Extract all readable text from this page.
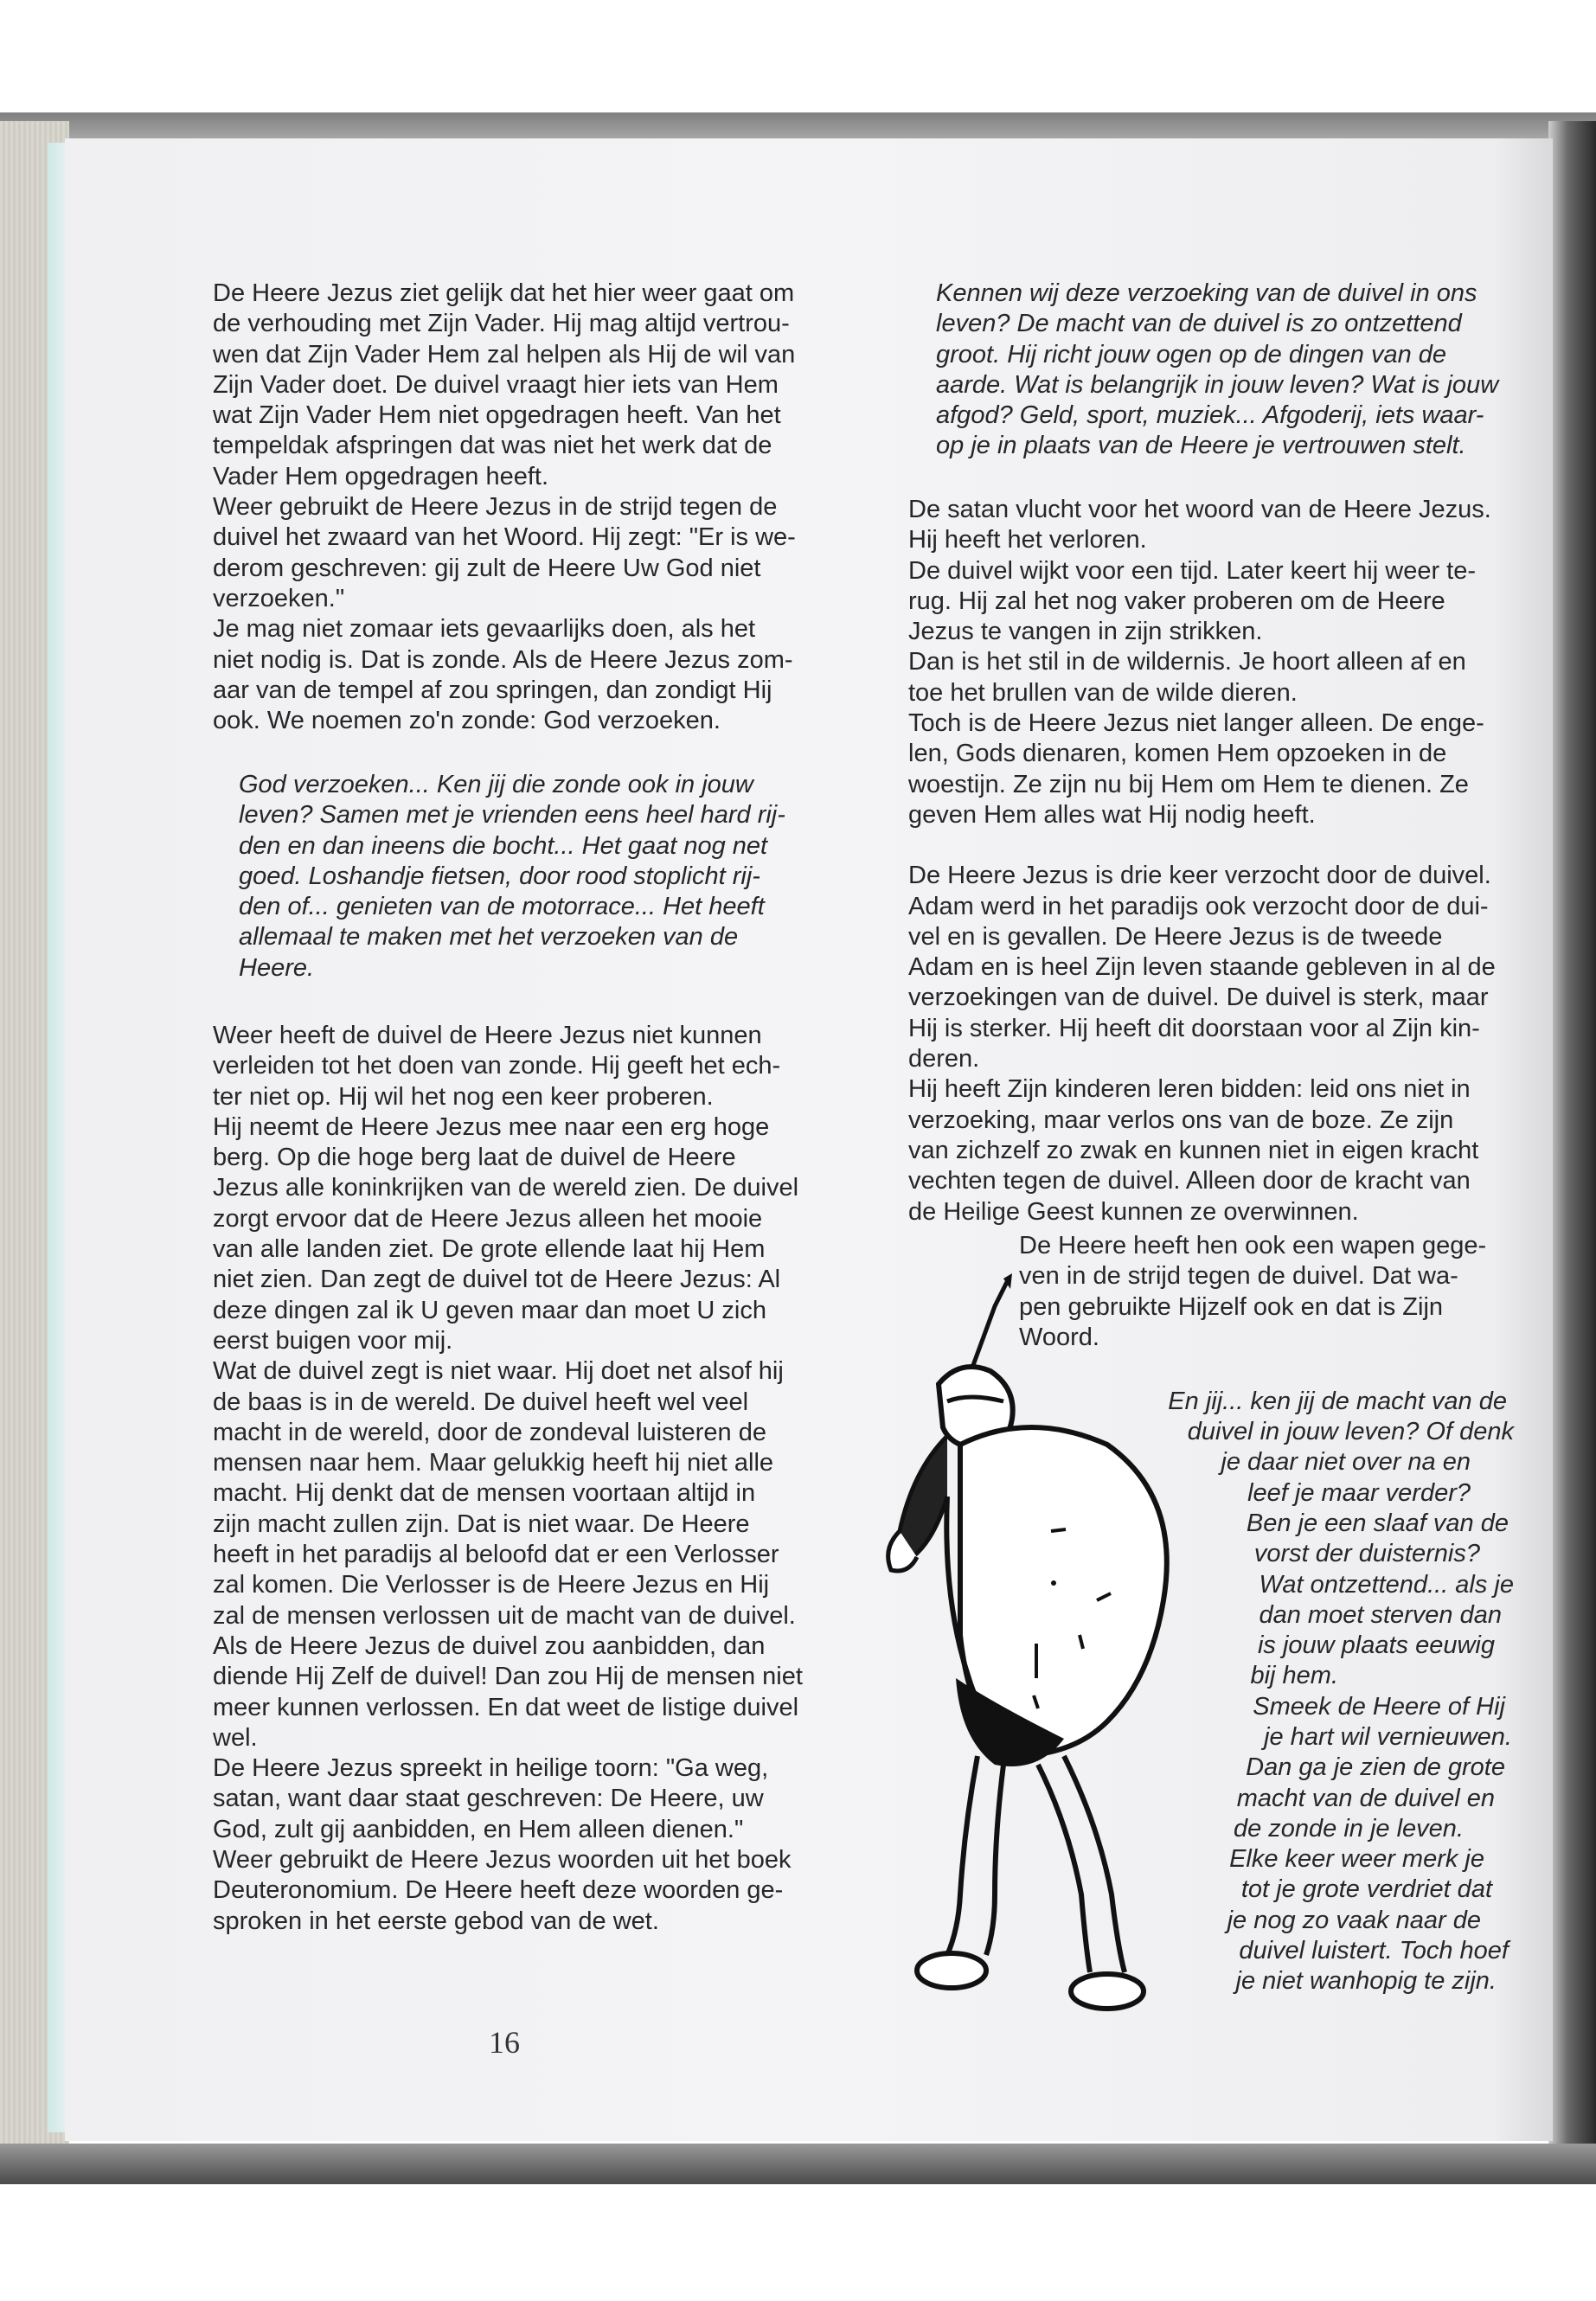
De Heere Jezus ziet gelijk dat het hier weer gaat om
de verhouding met Zijn Vader. Hij mag altijd vertrou-
wen dat Zijn Vader Hem zal helpen als Hij de wil van
Zijn Vader doet. De duivel vraagt hier iets van Hem
wat Zijn Vader Hem niet opgedragen heeft. Van het
tempeldak afspringen dat was niet het werk dat de
Vader Hem opgedragen heeft.

Weer gebruikt de Heere Jezus in de strijd tegen de
duivel het zwaard van het Woord. Hij zegt: "Er is we-
derom geschreven: gij zult de Heere Uw God niet
verzoeken."

Je mag niet zomaar iets gevaarlijks doen, als het
niet nodig is. Dat is zonde. Als de Heere Jezus zom-
aar van de tempel af zou springen, dan zondigt Hij
ook. We noemen zo'n zonde: God verzoeken.

God verzoeken... Ken jij die zonde ook in jouw
leven? Samen met je vrienden eens heel hard rij-
den en dan ineens die bocht... Het gaat nog net
goed. Loshandje fietsen, door rood stoplicht rij-
den of... genieten van de motorrace... Het heeft
allemaal te maken met het verzoeken van de
Heere.

Weer heeft de duivel de Heere Jezus niet kunnen
verleiden tot het doen van zonde. Hij geeft het ech-
ter niet op. Hij wil het nog een keer proberen.

Hij neemt de Heere Jezus mee naar een erg hoge
berg. Op die hoge berg laat de duivel de Heere
Jezus alle koninkrijken van de wereld zien. De duivel
zorgt ervoor dat de Heere Jezus alleen het mooie
van alle landen ziet. De grote ellende laat hij Hem
niet zien. Dan zegt de duivel tot de Heere Jezus: Al
deze dingen zal ik U geven maar dan moet U zich
eerst buigen voor mij.

Wat de duivel zegt is niet waar. Hij doet net alsof hij
de baas is in de wereld. De duivel heeft wel veel
macht in de wereld, door de zondeval luisteren de
mensen naar hem. Maar gelukkig heeft hij niet alle
macht. Hij denkt dat de mensen voortaan altijd in
zijn macht zullen zijn. Dat is niet waar. De Heere
heeft in het paradijs al beloofd dat er een Verlosser
zal komen. Die Verlosser is de Heere Jezus en Hij
zal de mensen verlossen uit de macht van de duivel.
Als de Heere Jezus de duivel zou aanbidden, dan
diende Hij Zelf de duivel! Dan zou Hij de mensen niet
meer kunnen verlossen. En dat weet de listige duivel
wel.

De Heere Jezus spreekt in heilige toorn: "Ga weg,
satan, want daar staat geschreven: De Heere, uw
God, zult gij aanbidden, en Hem alleen dienen."

Weer gebruikt de Heere Jezus woorden uit het boek
Deuteronomium. De Heere heeft deze woorden ge-
sproken in het eerste gebod van de wet.

Kennen wij deze verzoeking van de duivel in ons
leven? De macht van de duivel is zo ontzettend
groot. Hij richt jouw ogen op de dingen van de
aarde. Wat is belangrijk in jouw leven? Wat is jouw
afgod? Geld, sport, muziek... Afgoderij, iets waar-
op je in plaats van de Heere je vertrouwen stelt.

De satan vlucht voor het woord van de Heere Jezus.
Hij heeft het verloren.

De duivel wijkt voor een tijd. Later keert hij weer te-
rug. Hij zal het nog vaker proberen om de Heere
Jezus te vangen in zijn strikken.

Dan is het stil in de wildernis. Je hoort alleen af en
toe het brullen van de wilde dieren.

Toch is de Heere Jezus niet langer alleen. De enge-
len, Gods dienaren, komen Hem opzoeken in de
woestijn. Ze zijn nu bij Hem om Hem te dienen. Ze
geven Hem alles wat Hij nodig heeft.

De Heere Jezus is drie keer verzocht door de duivel.
Adam werd in het paradijs ook verzocht door de dui-
vel en is gevallen. De Heere Jezus is de tweede
Adam en is heel Zijn leven staande gebleven in al de
verzoekingen van de duivel. De duivel is sterk, maar
Hij is sterker. Hij heeft dit doorstaan voor al Zijn kin-
deren.

Hij heeft Zijn kinderen leren bidden: leid ons niet in
verzoeking, maar verlos ons van de boze. Ze zijn
van zichzelf zo zwak en kunnen niet in eigen kracht
vechten tegen de duivel. Alleen door de kracht van
de Heilige Geest kunnen ze overwinnen.

De Heere heeft hen ook een wapen gege-
ven in de strijd tegen de duivel. Dat wa-
pen gebruikte Hijzelf ook en dat is Zijn
Woord.
En jij... ken jij de macht van de
duivel in jouw leven? Of denk
je daar niet over na en
leef je maar verder?
Ben je een slaaf van de
vorst der duisternis?
Wat ontzettend... als je
dan moet sterven dan
is jouw plaats eeuwig
bij hem.
Smeek de Heere of Hij
je hart wil vernieuwen.
Dan ga je zien de grote
macht van de duivel en
de zonde in je leven.
Elke keer weer merk je
tot je grote verdriet dat
je nog zo vaak naar de
duivel luistert. Toch hoef
je niet wanhopig te zijn.
16
